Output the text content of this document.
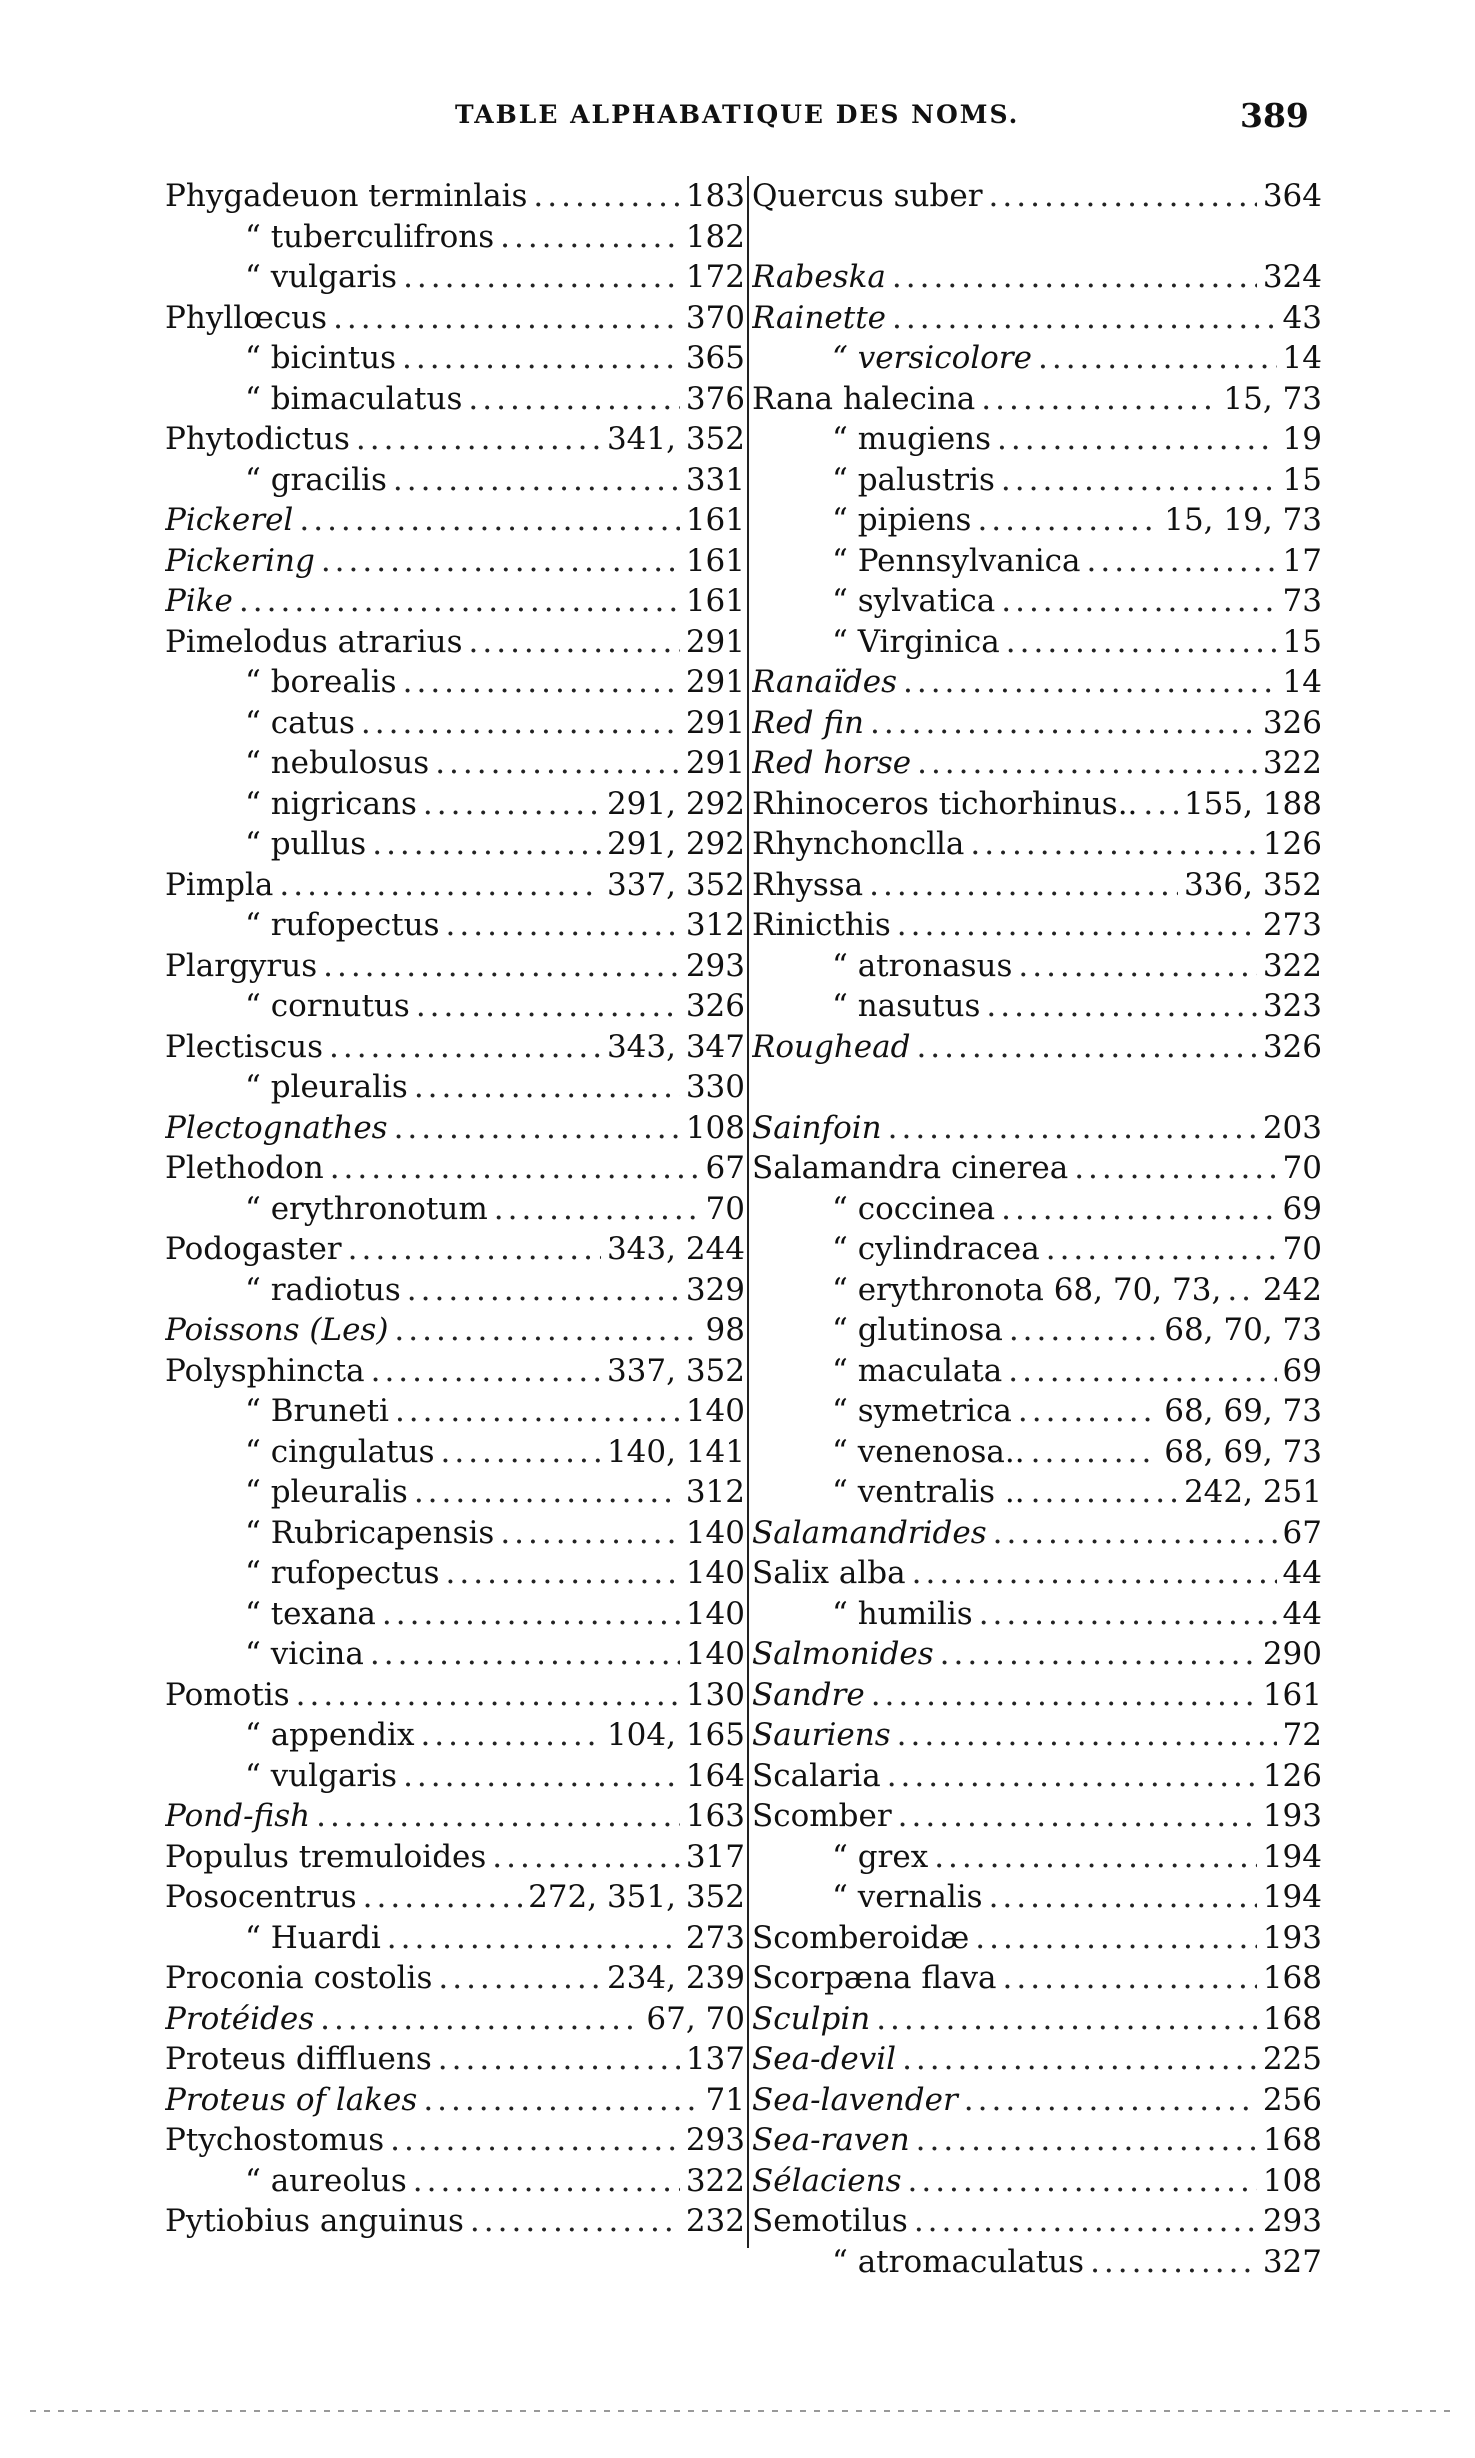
TABLE ALPHABATIQUE DES NOMS.	389
Phygadeuon terminlais .....	183
“ tuberculifrons .....	182
“ vulgaris .....	172
Phyllœcus .....	370
“ bicintus .....	365
“ bimaculatus .....	376
Phytodictus .....	341, 352
“ gracilis .....	331
Pickerel .....	161
Pickering .....	161
Pike .....	161
Pimelodus atrarius .....	291
“ borealis .....	291
“ catus .....	291
“ nebulosus .....	291
“ nigricans .....	291, 292
“ pullus .....	291, 292
Pimpla .....	337, 352
“ rufopectus .....	312
Plargyrus .....	293
“ cornutus .....	326
Plectiscus .....	343, 347
“ pleuralis .....	330
Plectognathes .....	108
Plethodon .....	67
“ erythronotum .....	70
Podogaster .....	343, 244
“ radiotus .....	329
Poissons (Les) .....	98
Polysphincta .....	337, 352
“ Bruneti .....	140
“ cingulatus .....	140, 141
“ pleuralis .....	312
“ Rubricapensis .....	140
“ rufopectus .....	140
“ texana .....	140
“ vicina .....	140
Pomotis .....	130
“ appendix .....	104, 165
“ vulgaris .....	164
Pond-fish .....	163
Populus tremuloides .....	317
Posocentrus .....	272, 351, 352
“ Huardi .....	273
Proconia costolis .....	234, 239
Protéides .....	67, 70
Proteus diffluens .....	137
Proteus of lakes .....	71
Ptychostomus .....	293
“ aureolus .....	322
Pytiobius anguinus .....	232
Quercus suber .....	364
Rabeska .....	324
Rainette .....	43
“ versicolore .....	14
Rana halecina .....	15, 73
“ mugiens .....	19
“ palustris .....	15
“ pipiens .....	15, 19, 73
“ Pennsylvanica .....	17
“ sylvatica .....	73
“ Virginica .....	15
Ranaïdes .....	14
Red fin .....	326
Red horse .....	322
Rhinoceros tichorhinus.. ..... 155, 188
Rhynchonclla .....	126
Rhyssa .....	336, 352
Rinicthis .....	273
“ atronasus .....	322
“ nasutus .....	323
Roughead .....	326
Sainfoin .....	203
Salamandra cinerea .....	70
“ coccinea .....	69
“ cylindracea .....	70
“ erythronota 68, 70, 73, ..... 242
“ glutinosa .....	68, 70, 73
“ maculata .....	69
“ symetrica .....	68, 69, 73
“ venenosa.. .....	68, 69, 73
“ ventralis .. .....	242, 251
Salamandrides .....	67
Salix alba .....	44
“ humilis .....	44
Salmonides .....	290
Sandre .....	161
Sauriens .....	72
Scalaria .....	126
Scomber .....	193
“ grex .....	194
“ vernalis .....	194
Scomberoidæ .....	193
Scorpæna flava .....	168
Sculpin .....	168
Sea-devil .....	225
Sea-lavender .....	256
Sea-raven .....	168
Sélaciens .....	108
Semotilus .....	293
“ atromaculatus .....	327
